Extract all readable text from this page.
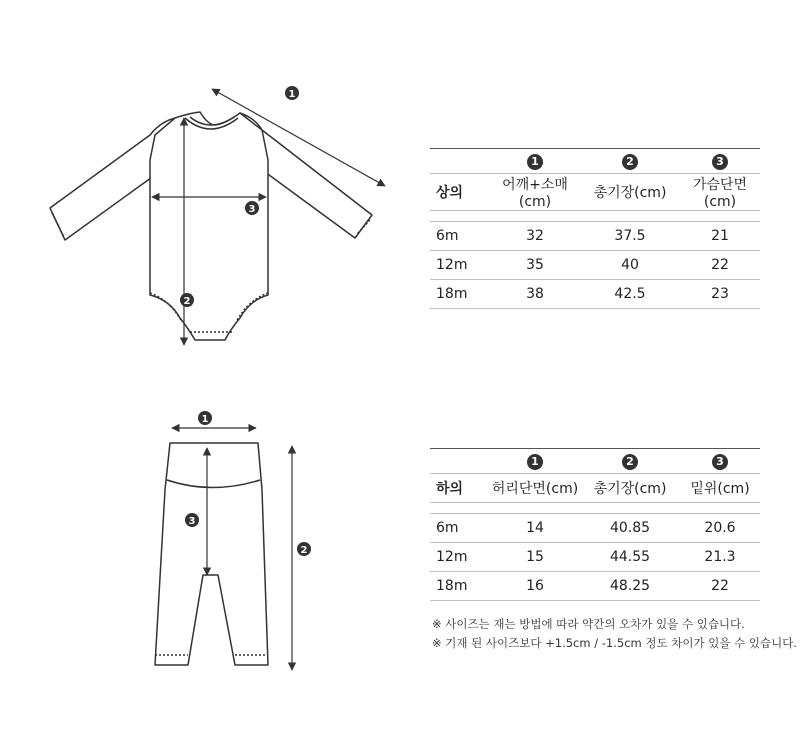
1
2
3
1
2
3
	1	2	3
상의	어깨+소매(cm)	총기장(cm)	가슴단면(cm)

6m	32	37.5	21
12m	35	40	22
18m	38	42.5	23
	1	2	3
하의	허리단면(cm)	총기장(cm)	밑위(cm)

6m	14	40.85	20.6
12m	15	44.55	21.3
18m	16	48.25	22
※ 사이즈는 재는 방법에 따라 약간의 오차가 있을 수 있습니다.
※ 기재 된 사이즈보다 +1.5cm / -1.5cm 정도 차이가 있을 수 있습니다.
